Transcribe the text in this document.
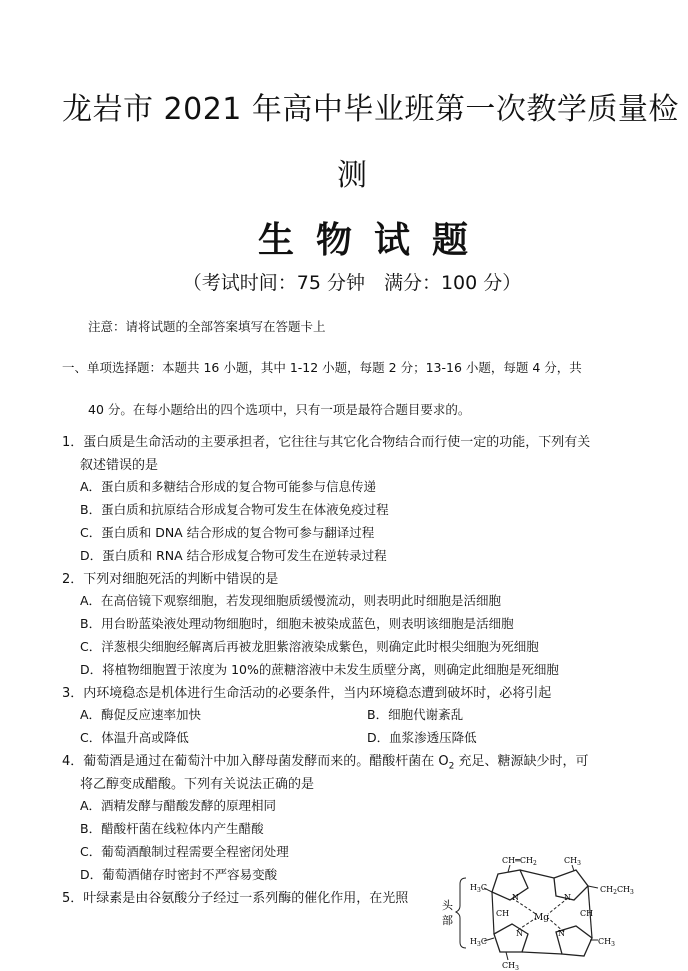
龙岩市 2021 年高中毕业班第一次教学质量检
测
生物试题
（考试时间：75 分钟　满分：100 分）
注意：请将试题的全部答案填写在答题卡上
一、单项选择题：本题共 16 小题，其中 1-12 小题，每题 2 分；13-16 小题，每题 4 分，共
40 分。在每小题给出的四个选项中，只有一项是最符合题目要求的。
1．蛋白质是生命活动的主要承担者，它往往与其它化合物结合而行使一定的功能，下列有关
叙述错误的是
A．蛋白质和多糖结合形成的复合物可能参与信息传递
B．蛋白质和抗原结合形成复合物可发生在体液免疫过程
C．蛋白质和 DNA 结合形成的复合物可参与翻译过程
D．蛋白质和 RNA 结合形成复合物可发生在逆转录过程
2．下列对细胞死活的判断中错误的是
A．在高倍镜下观察细胞，若发现细胞质缓慢流动，则表明此时细胞是活细胞
B．用台盼蓝染液处理动物细胞时，细胞未被染成蓝色，则表明该细胞是活细胞
C．洋葱根尖细胞经解离后再被龙胆紫溶液染成紫色，则确定此时根尖细胞为死细胞
D．将植物细胞置于浓度为 10%的蔗糖溶液中未发生质壁分离，则确定此细胞是死细胞
3．内环境稳态是机体进行生命活动的必要条件，当内环境稳态遭到破坏时，必将引起
A．酶促反应速率加快	B．细胞代谢紊乱
C．体温升高或降低	D．血浆渗透压降低
4．葡萄酒是通过在葡萄汁中加入酵母菌发酵而来的。醋酸杆菌在 $O_2$ 充足、糖源缺少时，可
将乙醇变成醋酸。下列有关说法正确的是
A．酒精发酵与醋酸发酵的原理相同
B．醋酸杆菌在线粒体内产生醋酸
C．葡萄酒酿制过程需要全程密闭处理
D．葡萄酒储存时密封不严容易变酸
5．叶绿素是由谷氨酸分子经过一系列酶的催化作用，在光照	头
部	Mg
N	N
N	N
CH	CH
$CH═CH_2$	$CH_3$
$CH_2CH_3$
$H_3C$
$H_3C$	$CH_3$
$CH_3$
